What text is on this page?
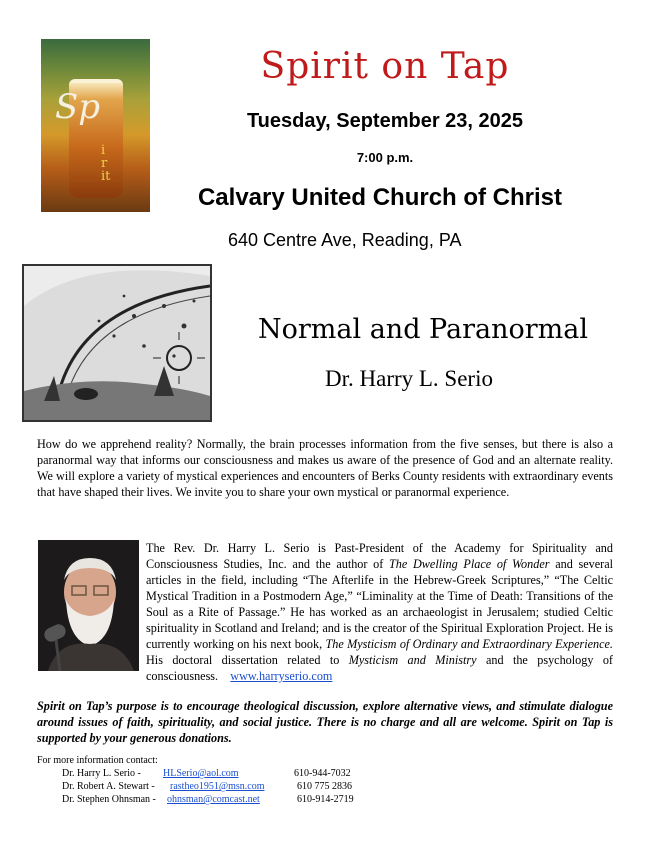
Sp
irit
Spirit on Tap
Tuesday, September 23, 2025
7:00 p.m.
Calvary United Church of Christ
640 Centre Ave, Reading, PA
Normal and Paranormal
Dr. Harry L. Serio
How do we apprehend reality? Normally, the brain processes information from the five senses, but there is also a paranormal way that informs our consciousness and makes us aware of the presence of God and an alternate reality. We will explore a variety of mystical experiences and encounters of Berks County residents with extraordinary events that have shaped their lives. We invite you to share your own mystical or paranormal experience.
The Rev. Dr. Harry L. Serio is Past-President of the Academy for Spirituality and Consciousness Studies, Inc. and the author of The Dwelling Place of Wonder and several articles in the field, including “The Afterlife in the Hebrew-Greek Scriptures,” “The Celtic Mystical Tradition in a Postmodern Age,” “Liminality at the Time of Death: Transitions of the Soul as a Rite of Passage.” He has worked as an archaeologist in Jerusalem; studied Celtic spirituality in Scotland and Ireland; and is the creator of the Spiritual Exploration Project. He is currently working on his next book, The Mysticism of Ordinary and Extraordinary Experience. His doctoral dissertation related to Mysticism and Ministry and the psychology of consciousness. www.harryserio.com
Spirit on Tap’s purpose is to encourage theological discussion, explore alternative views, and stimulate dialogue around issues of faith, spirituality, and social justice. There is no charge and all are welcome. Spirit on Tap is supported by your generous donations.
For more information contact:
Dr. Harry L. Serio - HLSerio@aol.com	610-944-7032
Dr. Robert A. Stewart - rastheo1951@msn.com	610 775 2836
Dr. Stephen Ohnsman - ohnsman@comcast.net	610-914-2719
